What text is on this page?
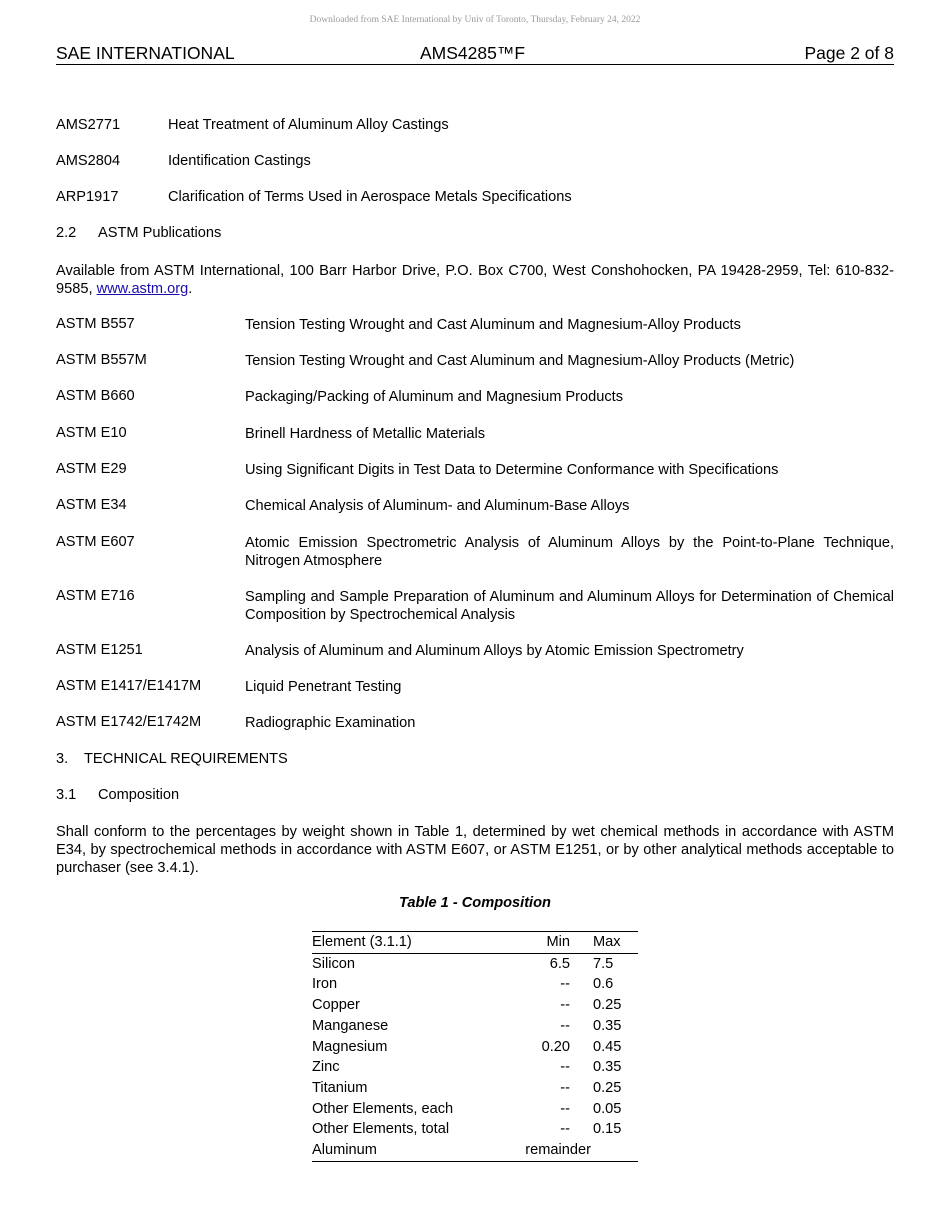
Downloaded from SAE International by Univ of Toronto, Thursday, February 24, 2022
SAE INTERNATIONAL	AMS4285™F	Page 2 of 8
AMS2771	Heat Treatment of Aluminum Alloy Castings
AMS2804	Identification Castings
ARP1917	Clarification of Terms Used in Aerospace Metals Specifications
2.2 ASTM Publications
Available from ASTM International, 100 Barr Harbor Drive, P.O. Box C700, West Conshohocken, PA 19428-2959, Tel: 610-832-9585, www.astm.org.
ASTM B557	Tension Testing Wrought and Cast Aluminum and Magnesium-Alloy Products
ASTM B557M	Tension Testing Wrought and Cast Aluminum and Magnesium-Alloy Products (Metric)
ASTM B660	Packaging/Packing of Aluminum and Magnesium Products
ASTM E10	Brinell Hardness of Metallic Materials
ASTM E29	Using Significant Digits in Test Data to Determine Conformance with Specifications
ASTM E34	Chemical Analysis of Aluminum- and Aluminum-Base Alloys
ASTM E607	Atomic Emission Spectrometric Analysis of Aluminum Alloys by the Point-to-Plane Technique, Nitrogen Atmosphere
ASTM E716	Sampling and Sample Preparation of Aluminum and Aluminum Alloys for Determination of Chemical Composition by Spectrochemical Analysis
ASTM E1251	Analysis of Aluminum and Aluminum Alloys by Atomic Emission Spectrometry
ASTM E1417/E1417M	Liquid Penetrant Testing
ASTM E1742/E1742M	Radiographic Examination
3. TECHNICAL REQUIREMENTS
3.1 Composition
Shall conform to the percentages by weight shown in Table 1, determined by wet chemical methods in accordance with ASTM E34, by spectrochemical methods in accordance with ASTM E607, or ASTM E1251, or by other analytical methods acceptable to purchaser (see 3.4.1).
Table 1 - Composition
Element (3.1.1)	Min	Max
Silicon	6.5	7.5
Iron	--	0.6
Copper	--	0.25
Manganese	--	0.35
Magnesium	0.20	0.45
Zinc	--	0.35
Titanium	--	0.25
Other Elements, each	--	0.05
Other Elements, total	--	0.15
Aluminum	remainder	
